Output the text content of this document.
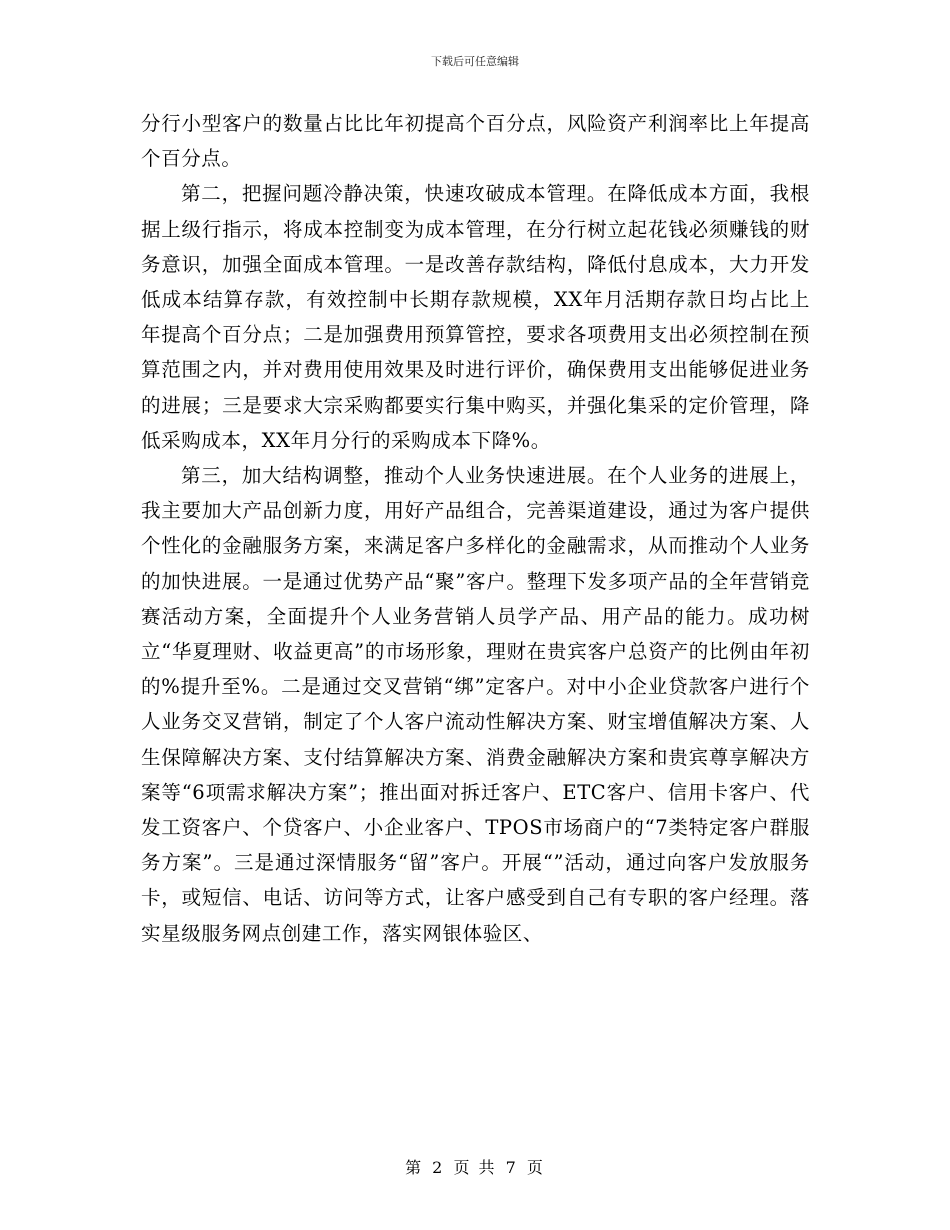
下载后可任意编辑

分行小型客户的数量占比比年初提高个百分点，风险资产利润率比上年提高个百分点。

第二，把握问题冷静决策，快速攻破成本管理。在降低成本方面，我根据上级行指示，将成本控制变为成本管理，在分行树立起花钱必须赚钱的财务意识，加强全面成本管理。一是改善存款结构，降低付息成本，大力开发低成本结算存款，有效控制中长期存款规模，XX年月活期存款日均占比上年提高个百分点；二是加强费用预算管控，要求各项费用支出必须控制在预算范围之内，并对费用使用效果及时进行评价，确保费用支出能够促进业务的进展；三是要求大宗采购都要实行集中购买，并强化集采的定价管理，降低采购成本，XX年月分行的采购成本下降%。

第三，加大结构调整，推动个人业务快速进展。在个人业务的进展上，我主要加大产品创新力度，用好产品组合，完善渠道建设，通过为客户提供个性化的金融服务方案，来满足客户多样化的金融需求，从而推动个人业务的加快进展。一是通过优势产品“聚”客户。整理下发多项产品的全年营销竞赛活动方案，全面提升个人业务营销人员学产品、用产品的能力。成功树立“华夏理财、收益更高”的市场形象，理财在贵宾客户总资产的比例由年初的%提升至%。二是通过交叉营销“绑”定客户。对中小企业贷款客户进行个人业务交叉营销，制定了个人客户流动性解决方案、财宝增值解决方案、人生保障解决方案、支付结算解决方案、消费金融解决方案和贵宾尊享解决方案等“6项需求解决方案”；推出面对拆迁客户、ETC客户、信用卡客户、代发工资客户、个贷客户、小企业客户、TPOS市场商户的“7类特定客户群服务方案”。三是通过深情服务“留”客户。开展“”活动，通过向客户发放服务卡，或短信、电话、访问等方式，让客户感受到自己有专职的客户经理。落实星级服务网点创建工作，落实网银体验区、

第 2 页 共 7 页
